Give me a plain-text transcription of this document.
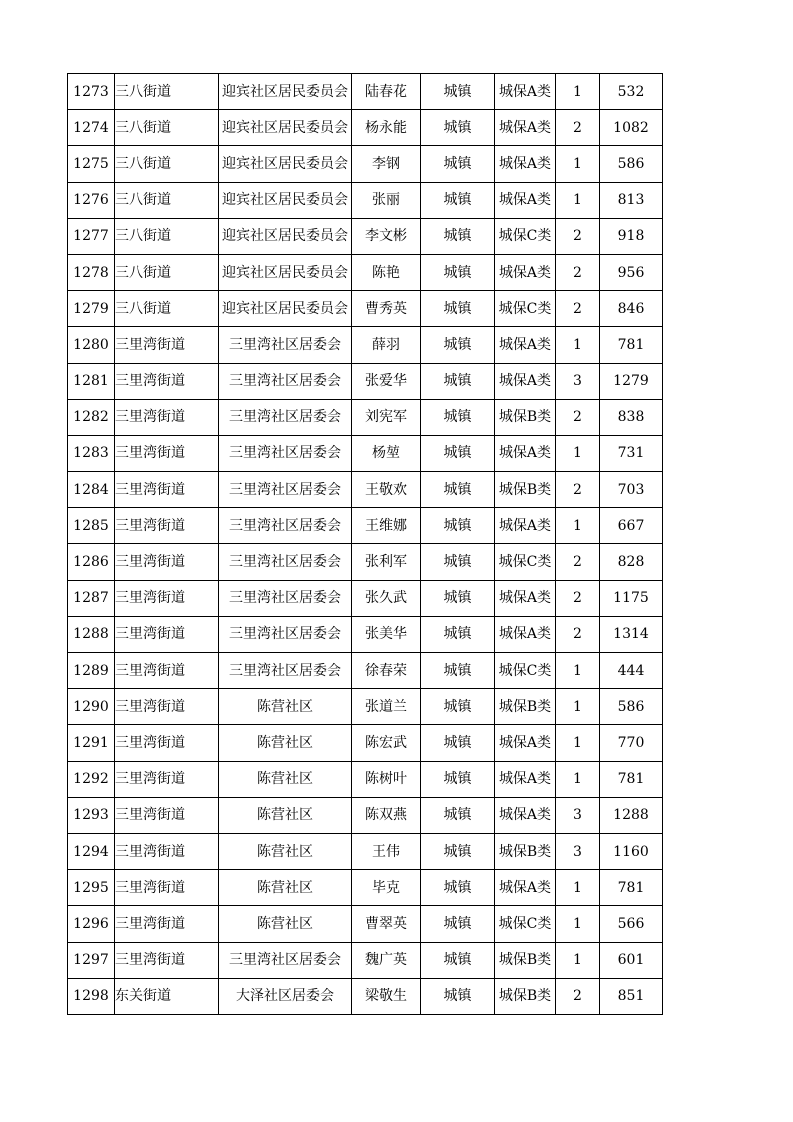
1273	三八街道	迎宾社区居民委员会	陆春花	城镇	城保A类	1	532
1274	三八街道	迎宾社区居民委员会	杨永能	城镇	城保A类	2	1082
1275	三八街道	迎宾社区居民委员会	李钢	城镇	城保A类	1	586
1276	三八街道	迎宾社区居民委员会	张丽	城镇	城保A类	1	813
1277	三八街道	迎宾社区居民委员会	李文彬	城镇	城保C类	2	918
1278	三八街道	迎宾社区居民委员会	陈艳	城镇	城保A类	2	956
1279	三八街道	迎宾社区居民委员会	曹秀英	城镇	城保C类	2	846
1280	三里湾街道	三里湾社区居委会	薛羽	城镇	城保A类	1	781
1281	三里湾街道	三里湾社区居委会	张爱华	城镇	城保A类	3	1279
1282	三里湾街道	三里湾社区居委会	刘宪军	城镇	城保B类	2	838
1283	三里湾街道	三里湾社区居委会	杨堃	城镇	城保A类	1	731
1284	三里湾街道	三里湾社区居委会	王敬欢	城镇	城保B类	2	703
1285	三里湾街道	三里湾社区居委会	王维娜	城镇	城保A类	1	667
1286	三里湾街道	三里湾社区居委会	张利军	城镇	城保C类	2	828
1287	三里湾街道	三里湾社区居委会	张久武	城镇	城保A类	2	1175
1288	三里湾街道	三里湾社区居委会	张美华	城镇	城保A类	2	1314
1289	三里湾街道	三里湾社区居委会	徐春荣	城镇	城保C类	1	444
1290	三里湾街道	陈营社区	张道兰	城镇	城保B类	1	586
1291	三里湾街道	陈营社区	陈宏武	城镇	城保A类	1	770
1292	三里湾街道	陈营社区	陈树叶	城镇	城保A类	1	781
1293	三里湾街道	陈营社区	陈双燕	城镇	城保A类	3	1288
1294	三里湾街道	陈营社区	王伟	城镇	城保B类	3	1160
1295	三里湾街道	陈营社区	毕克	城镇	城保A类	1	781
1296	三里湾街道	陈营社区	曹翠英	城镇	城保C类	1	566
1297	三里湾街道	三里湾社区居委会	魏广英	城镇	城保B类	1	601
1298	东关街道	大泽社区居委会	梁敬生	城镇	城保B类	2	851
